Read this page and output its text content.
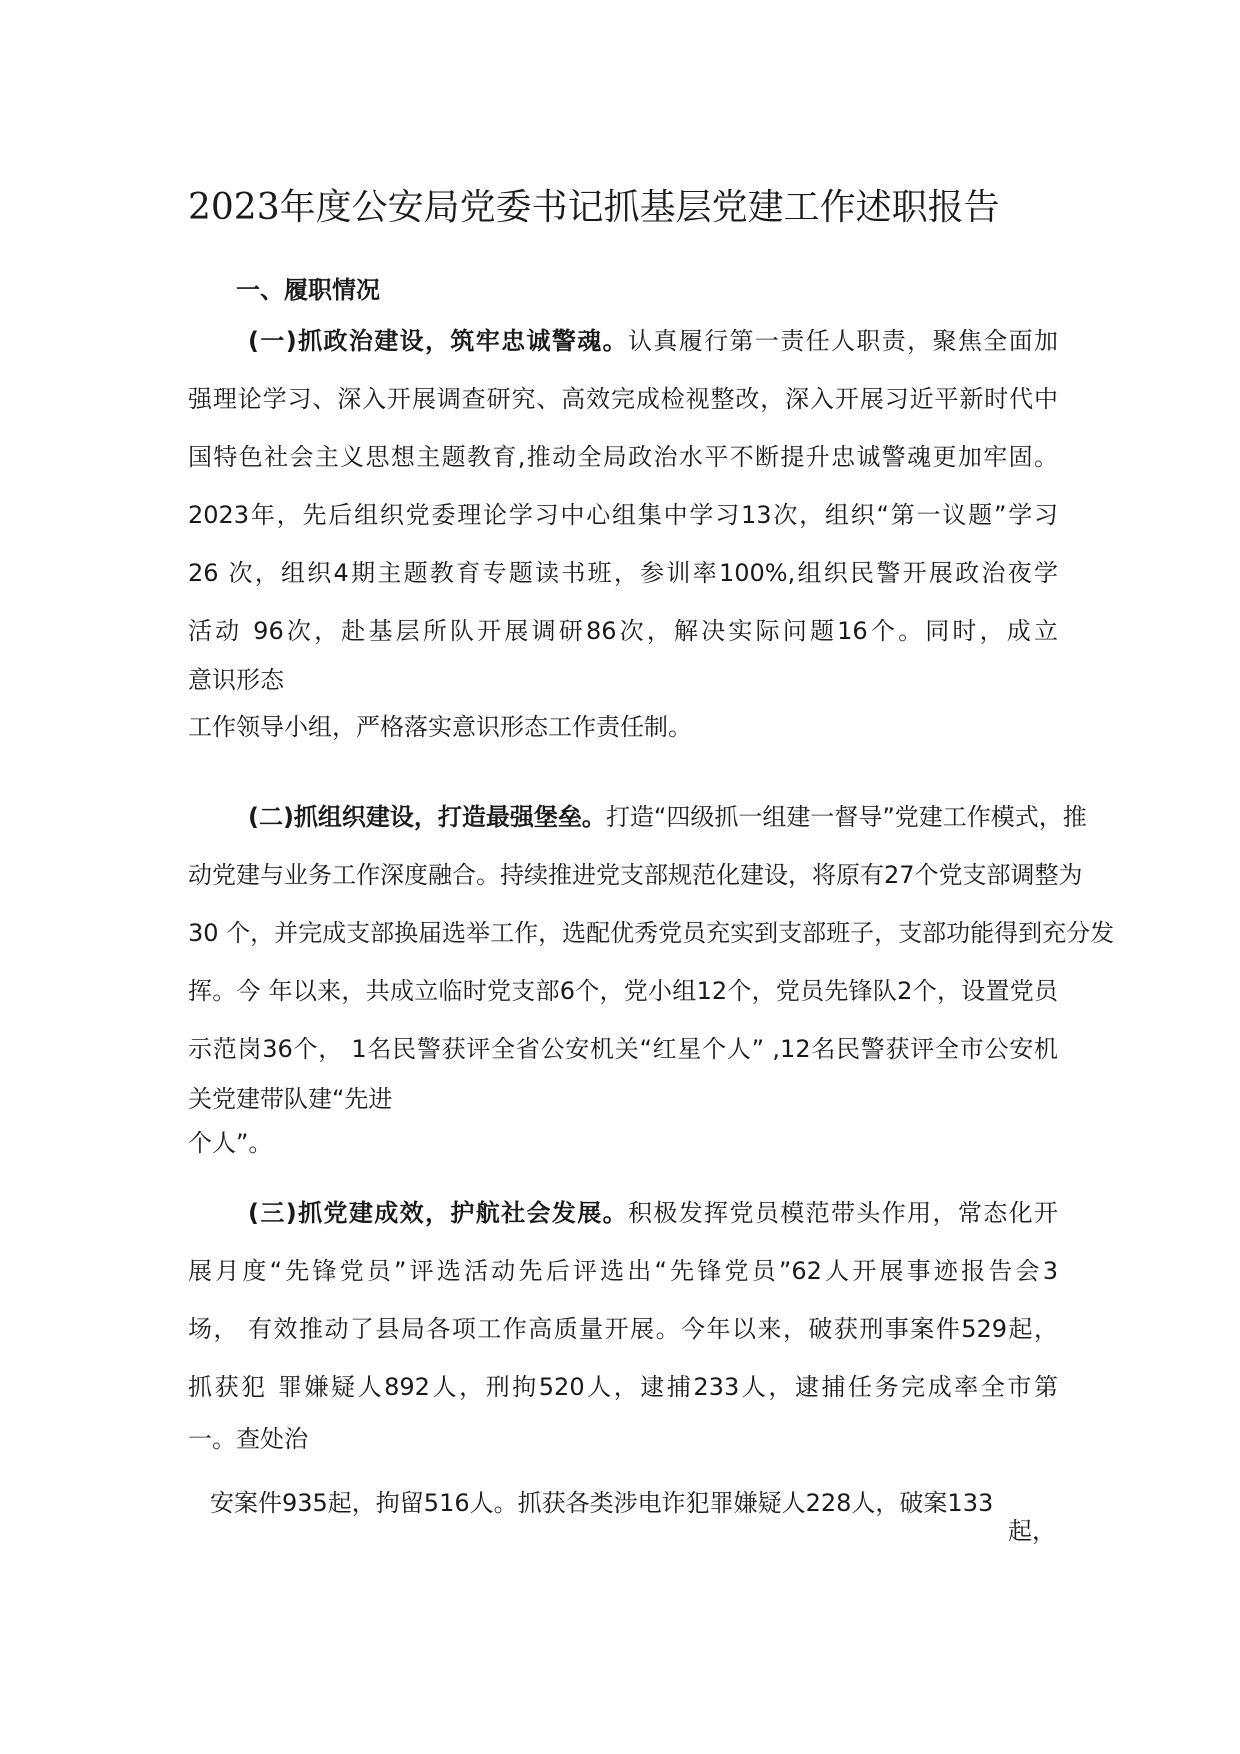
2023年度公安局党委书记抓基层党建工作述职报告
一、履职情况
(一)抓政治建设，筑牢忠诚警魂。认真履行第一责任人职责，聚焦全面加
强理论学习、深入开展调查研究、高效完成检视整改，深入开展习近平新时代中
国特色社会主义思想主题教育,推动全局政治水平不断提升忠诚警魂更加牢固。
2023年，先后组织党委理论学习中心组集中学习13次，组织“第一议题”学习
26 次，组织4期主题教育专题读书班，参训率100%,组织民警开展政治夜学
活动 96次，赴基层所队开展调研86次，解决实际问题16个。同时，成立
意识形态
工作领导小组，严格落实意识形态工作责任制。
(二)抓组织建设，打造最强堡垒。打造“四级抓一组建一督导”党建工作模式，推
动党建与业务工作深度融合。持续推进党支部规范化建设，将原有27个党支部调整为
30 个，并完成支部换届选举工作，选配优秀党员充实到支部班子，支部功能得到充分发
挥。今 年以来，共成立临时党支部6个，党小组12个，党员先锋队2个，设置党员
示范岗36个， 1名民警获评全省公安机关“红星个人” ,12名民警获评全市公安机
关党建带队建“先进
个人”。
(三)抓党建成效，护航社会发展。积极发挥党员模范带头作用，常态化开
展月度“先锋党员”评选活动先后评选出“先锋党员”62人开展事迹报告会3
场， 有效推动了县局各项工作高质量开展。今年以来，破获刑事案件529起，
抓获犯 罪嫌疑人892人，刑拘520人，逮捕233人，逮捕任务完成率全市第
一。查处治
安案件935起，拘留516人。抓获各类涉电诈犯罪嫌疑人228人，破案133
起，
